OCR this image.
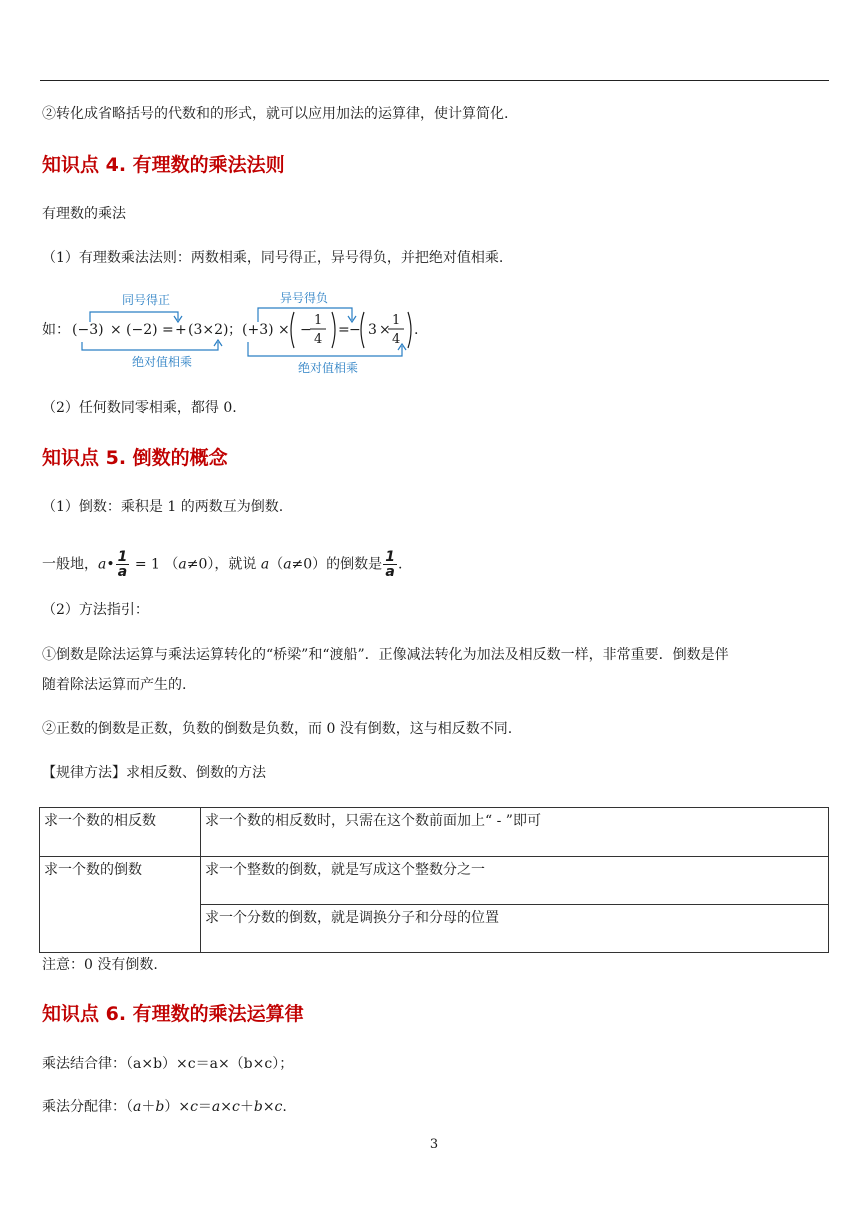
②转化成省略括号的代数和的形式，就可以应用加法的运算律，使计算简化.
知识点 4. 有理数的乘法法则
有理数的乘法
（1）有理数乘法法则：两数相乘，同号得正，异号得负，并把绝对值相乘.
如： (−3) × (−2) = + (3×2) ；
同号得正
绝对值相乘
(+3) × −
1
4
= − 3 ×
1
4
.
异号得负
绝对值相乘
（2）任何数同零相乘，都得 0.
知识点 5. 倒数的概念
（1）倒数：乘积是 1 的两数互为倒数.
一般地，a• $\frac{1}{a} = 1$ （a≠0），就说 a（a≠0）的倒数是 $\frac{1}{a}$ .
（2）方法指引：
①倒数是除法运算与乘法运算转化的“桥梁”和“渡船”．正像减法转化为加法及相反数一样，非常重要．倒数是伴
随着除法运算而产生的.
②正数的倒数是正数，负数的倒数是负数，而 0 没有倒数，这与相反数不同.
【规律方法】求相反数、倒数的方法
求一个数的相反数	求一个数的相反数时，只需在这个数前面加上“ - ”即可
求一个数的倒数	求一个整数的倒数，就是写成这个整数分之一
	求一个分数的倒数，就是调换分子和分母的位置
注意：0 没有倒数.
知识点 6. 有理数的乘法运算律
乘法结合律：（a×b）×c＝a×（b×c）；
乘法分配律：（a＋b）×c＝a×c＋b×c.
3
